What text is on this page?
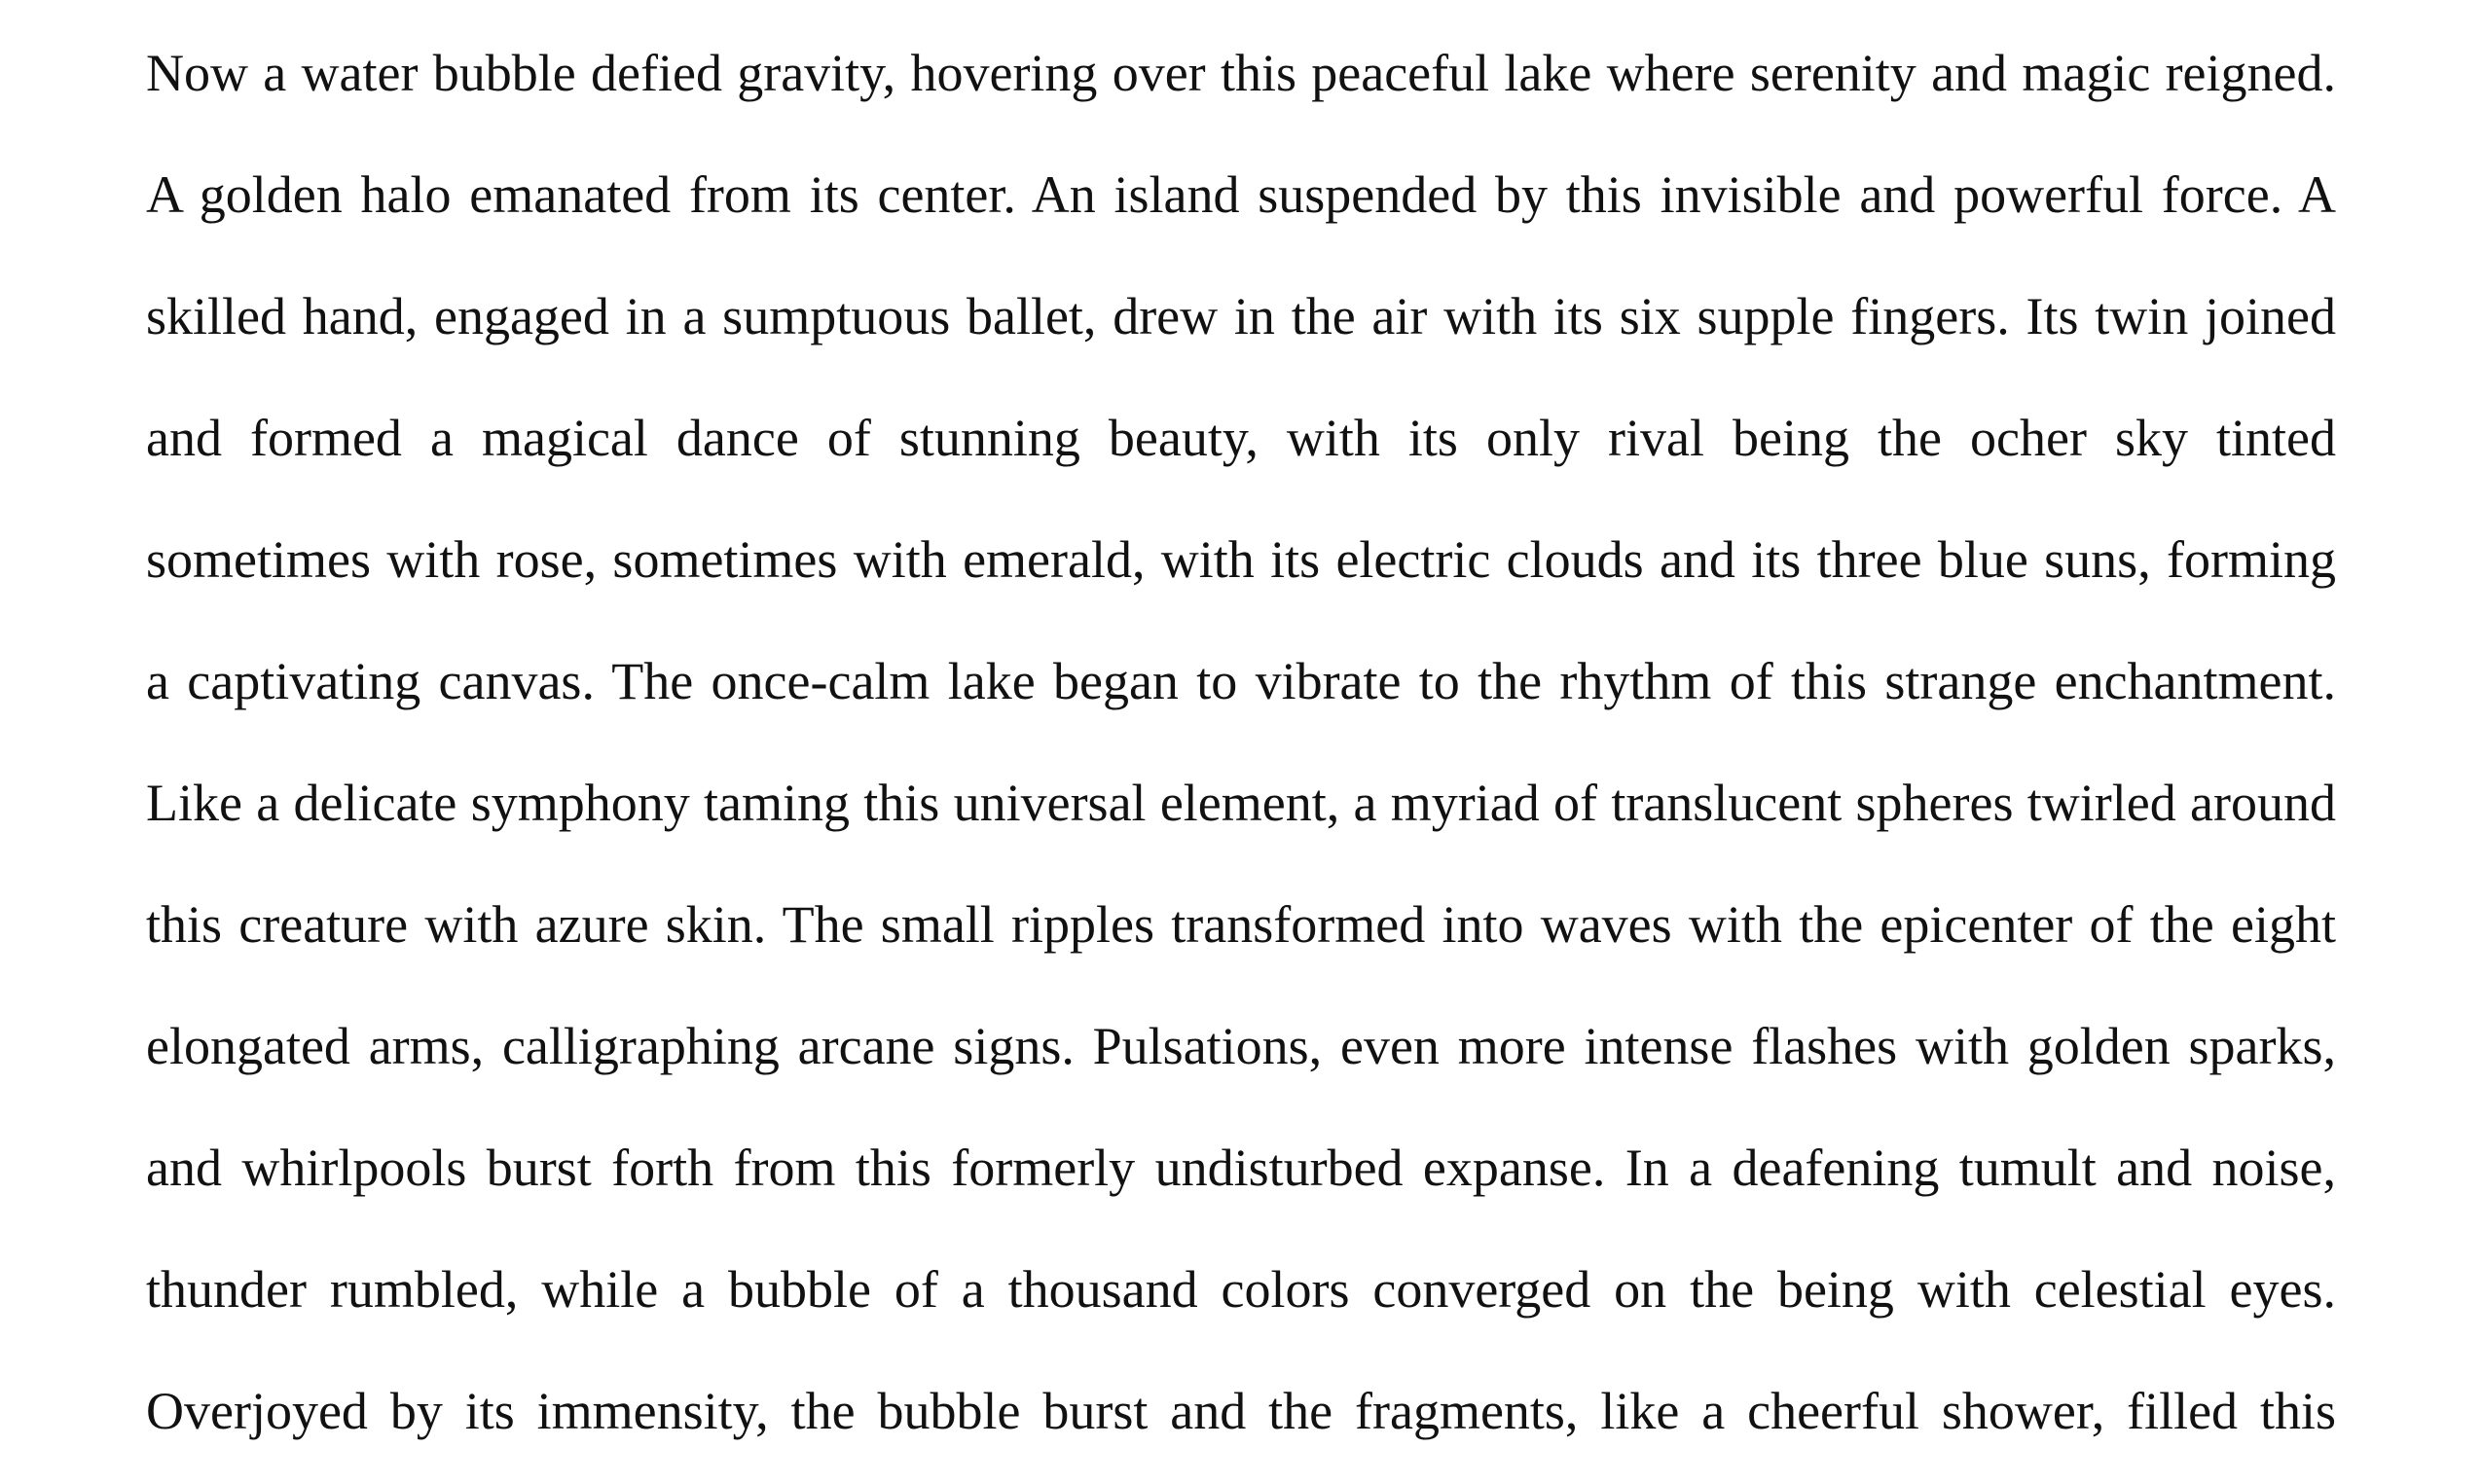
Now a water bubble defied gravity, hovering over this peaceful lake where serenity and magic reigned.
A golden halo emanated from its center. An island suspended by this invisible and powerful force. A
skilled hand, engaged in a sumptuous ballet, drew in the air with its six supple fingers. Its twin joined
and formed a magical dance of stunning beauty, with its only rival being the ocher sky tinted
sometimes with rose, sometimes with emerald, with its electric clouds and its three blue suns, forming
a captivating canvas. The once-calm lake began to vibrate to the rhythm of this strange enchantment.
Like a delicate symphony taming this universal element, a myriad of translucent spheres twirled around
this creature with azure skin. The small ripples transformed into waves with the epicenter of the eight
elongated arms, calligraphing arcane signs. Pulsations, even more intense flashes with golden sparks,
and whirlpools burst forth from this formerly undisturbed expanse. In a deafening tumult and noise,
thunder rumbled, while a bubble of a thousand colors converged on the being with celestial eyes.
Overjoyed by its immensity, the bubble burst and the fragments, like a cheerful shower, filled this
